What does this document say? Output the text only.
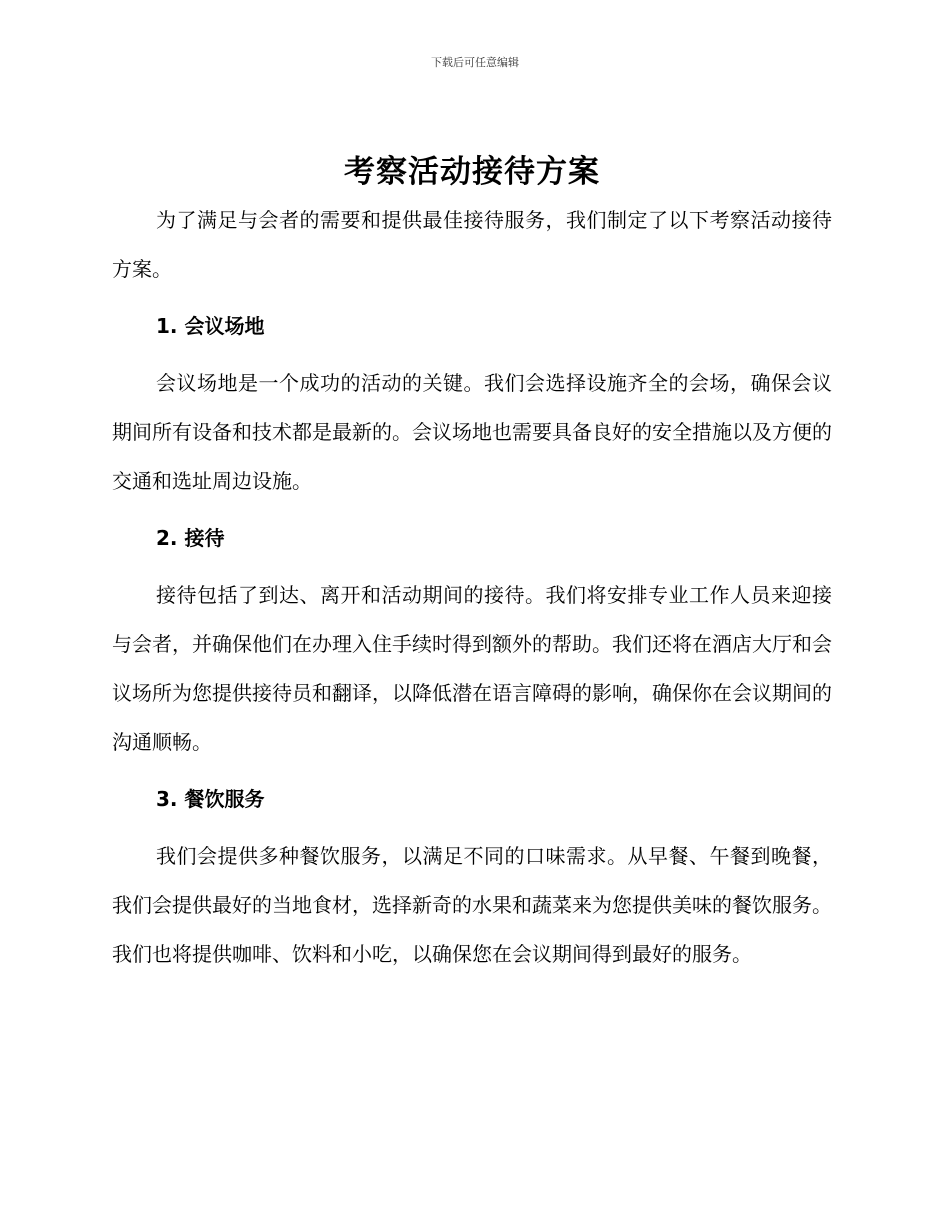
下载后可任意编辑
考察活动接待方案

为了满足与会者的需要和提供最佳接待服务，我们制定了以下考察活动接待方案。

1. 会议场地

会议场地是一个成功的活动的关键。我们会选择设施齐全的会场，确保会议期间所有设备和技术都是最新的。会议场地也需要具备良好的安全措施以及方便的交通和选址周边设施。

2. 接待

接待包括了到达、离开和活动期间的接待。我们将安排专业工作人员来迎接与会者，并确保他们在办理入住手续时得到额外的帮助。我们还将在酒店大厅和会议场所为您提供接待员和翻译，以降低潜在语言障碍的影响，确保你在会议期间的沟通顺畅。

3. 餐饮服务

我们会提供多种餐饮服务，以满足不同的口味需求。从早餐、午餐到晚餐，我们会提供最好的当地食材，选择新奇的水果和蔬菜来为您提供美味的餐饮服务。我们也将提供咖啡、饮料和小吃，以确保您在会议期间得到最好的服务。
